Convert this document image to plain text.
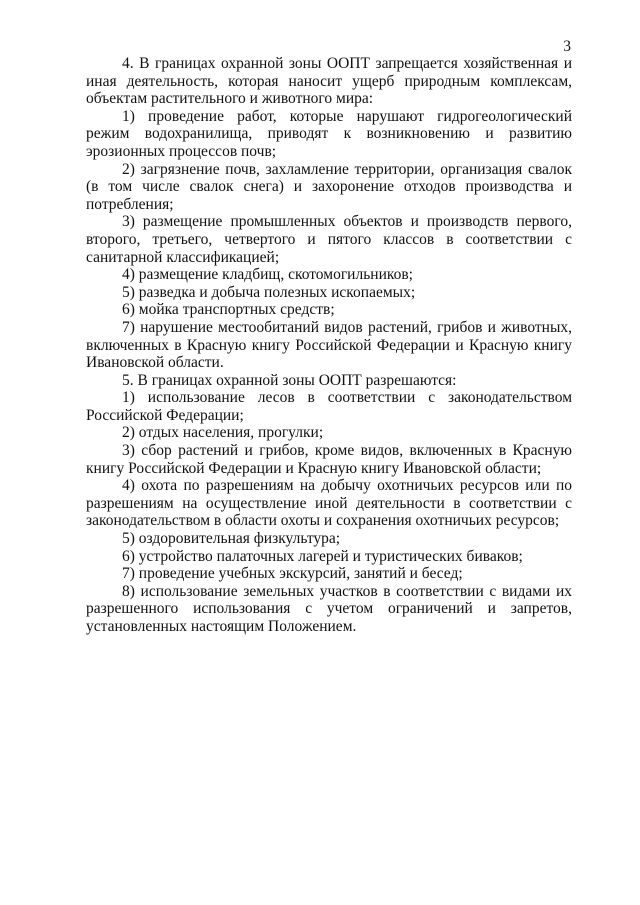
3

4. В границах охранной зоны ООПТ запрещается хозяйственная и иная деятельность, которая наносит ущерб природным комплексам, объектам растительного и животного мира:

1) проведение работ, которые нарушают гидрогеологический режим водохранилища, приводят к возникновению и развитию эрозионных процессов почв;

2) загрязнение почв, захламление территории, организация свалок (в том числе свалок снега) и захоронение отходов производства и потребления;

3) размещение промышленных объектов и производств первого, второго, третьего, четвертого и пятого классов в соответствии с санитарной классификацией;

4) размещение кладбищ, скотомогильников;

5) разведка и добыча полезных ископаемых;

6) мойка транспортных средств;

7) нарушение местообитаний видов растений, грибов и животных, включенных в Красную книгу Российской Федерации и Красную книгу Ивановской области.

5. В границах охранной зоны ООПТ разрешаются:

1) использование лесов в соответствии с законодательством Российской Федерации;

2) отдых населения, прогулки;

3) сбор растений и грибов, кроме видов, включенных в Красную книгу Российской Федерации и Красную книгу Ивановской области;

4) охота по разрешениям на добычу охотничьих ресурсов или по разрешениям на осуществление иной деятельности в соответствии с законодательством в области охоты и сохранения охотничьих ресурсов;

5) оздоровительная физкультура;

6) устройство палаточных лагерей и туристических биваков;

7) проведение учебных экскурсий, занятий и бесед;

8) использование земельных участков в соответствии с видами их разрешенного использования с учетом ограничений и запретов, установленных настоящим Положением.
